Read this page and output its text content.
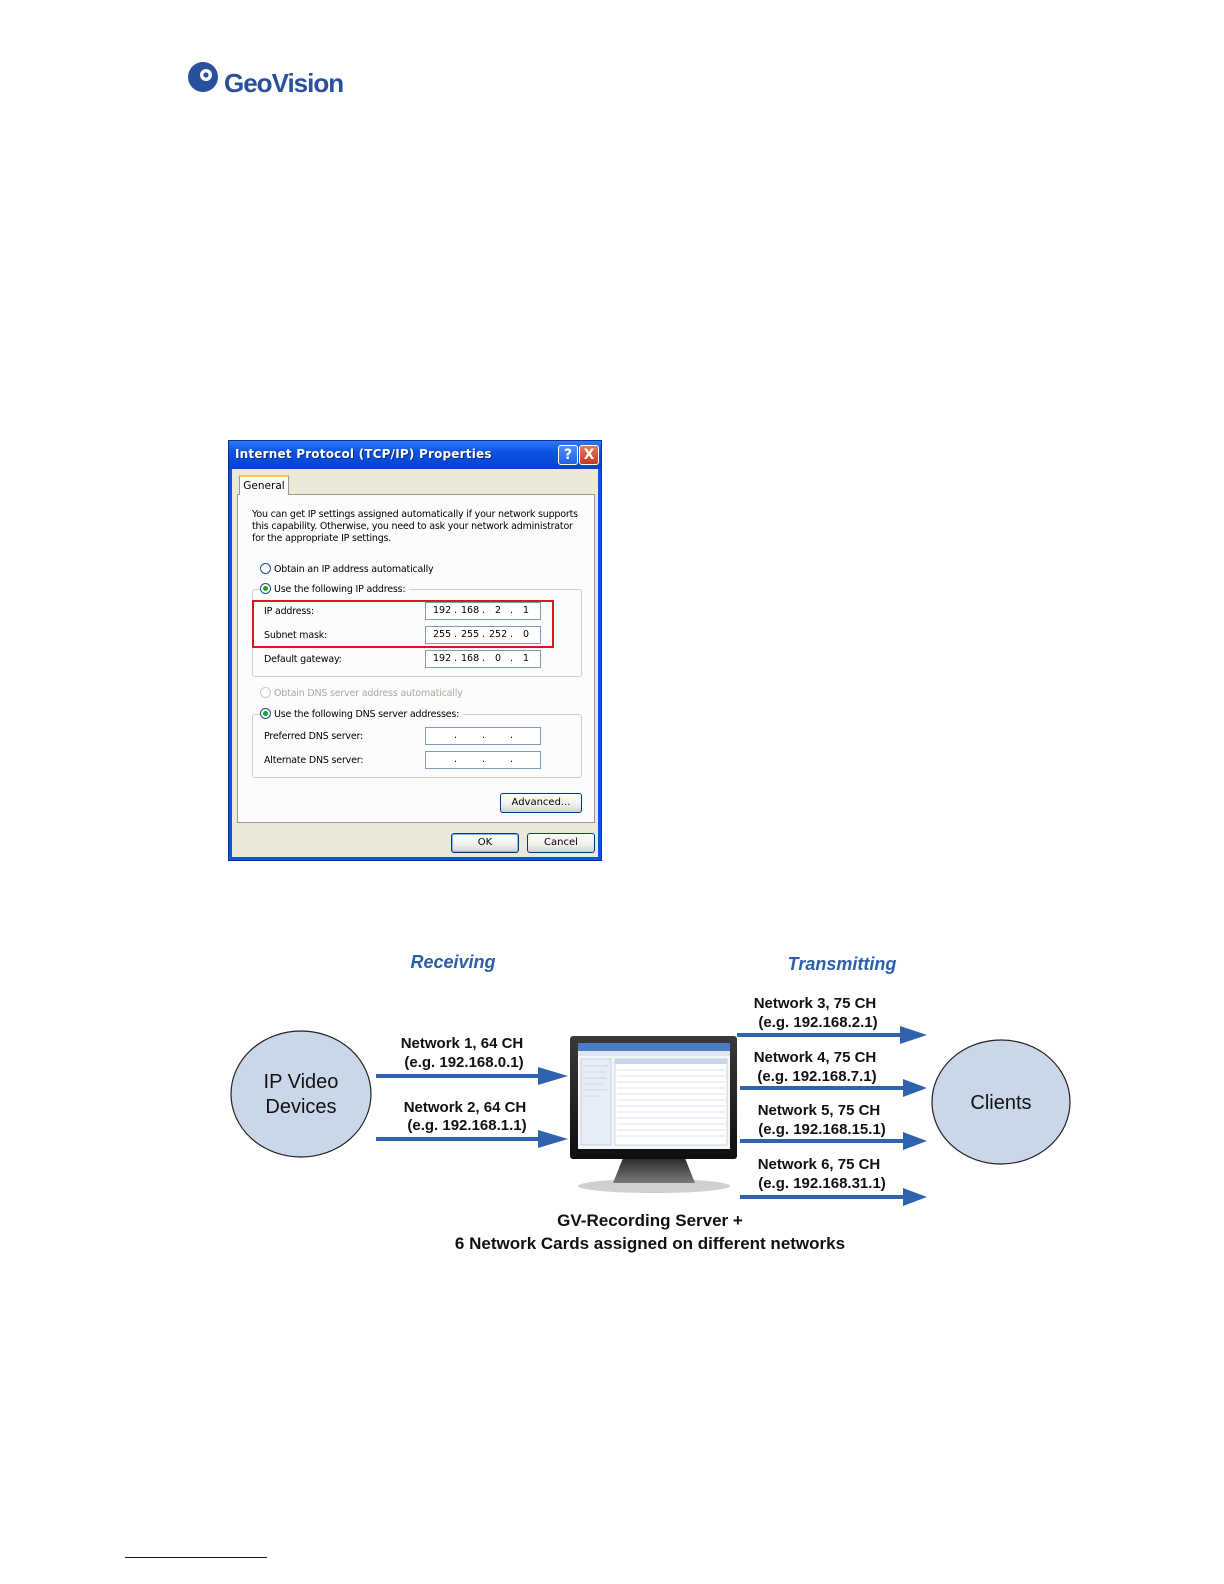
GeoVision
Internet Protocol (TCP/IP) Properties	? X
General
You can get IP settings assigned automatically if your network supports this capability. Otherwise, you need to ask your network administrator for the appropriate IP settings.
Obtain an IP address automatically
Use the following IP address:
IP address:	192 . 168 . 2 . 1
Subnet mask:	255 . 255 . 252 . 0
Default gateway:	192 . 168 . 0 . 1
Obtain DNS server address automatically
Use the following DNS server addresses:
Preferred DNS server:	.	.	.
Alternate DNS server:	.	.	.
Advanced...
OK	Cancel
Receiving	Transmitting
IP Video
Devices	Clients
Network 1, 64 CH
(e.g. 192.168.0.1)
Network 2, 64 CH
(e.g. 192.168.1.1)
Network 3, 75 CH
(e.g. 192.168.2.1)
Network 4, 75 CH
(e.g. 192.168.7.1)
Network 5, 75 CH
(e.g. 192.168.15.1)
Network 6, 75 CH
(e.g. 192.168.31.1)
GV-Recording Server +
6 Network Cards assigned on different networks
